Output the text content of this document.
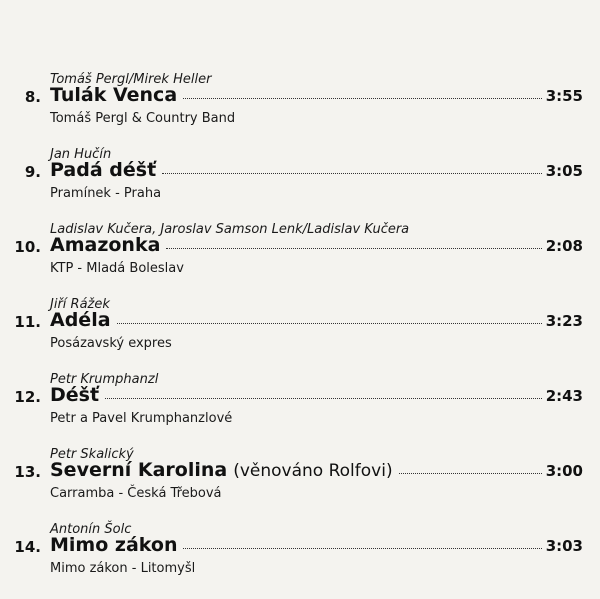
Tomáš Pergl/Mirek Heller
8. Tulák Venca	3:55
Tomáš Pergl & Country Band
Jan Hučín
9. Padá déšť	3:05
Pramínek - Praha
Ladislav Kučera, Jaroslav Samson Lenk/Ladislav Kučera
10. Amazonka	2:08
KTP - Mladá Boleslav
Jiří Rážek
11. Adéla	3:23
Posázavský expres
Petr Krumphanzl
12. Déšť	2:43
Petr a Pavel Krumphanzlové
Petr Skalický
13. Severní Karolina (věnováno Rolfovi)	3:00
Carramba - Česká Třebová
Antonín Šolc
14. Mimo zákon	3:03
Mimo zákon - Litomyšl
